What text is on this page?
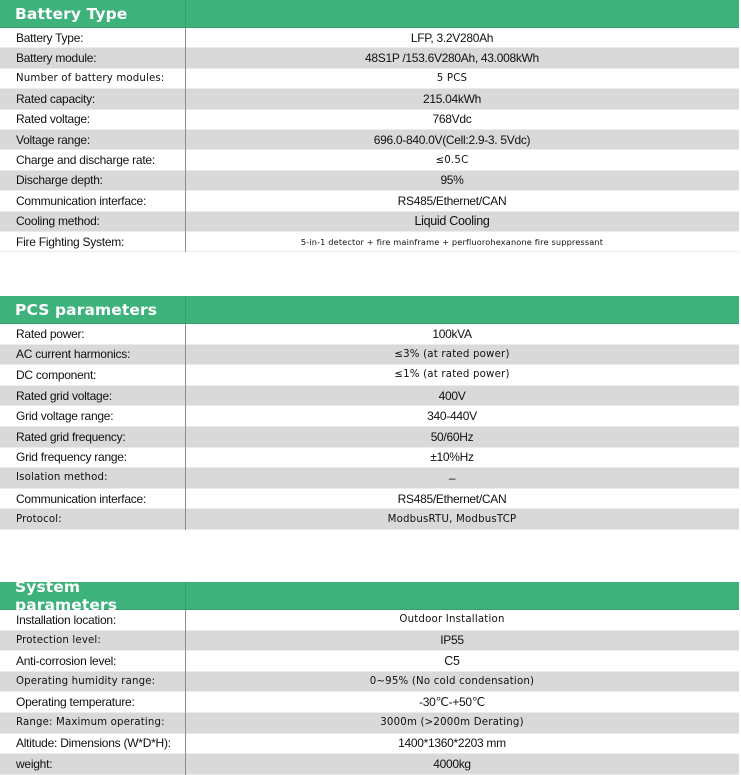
Battery Type
Battery Type:	LFP, 3.2V280Ah
Battery module:	48S1P /153.6V280Ah, 43.008kWh
Number of battery modules:	5 PCS
Rated capacity:	215.04kWh
Rated voltage:	768Vdc
Voltage range:	696.0-840.0V(Cell:2.9-3. 5Vdc)
Charge and discharge rate:	≤0.5C
Discharge depth:	95%
Communication interface:	RS485/Ethernet/CAN
Cooling method:	Liquid Cooling
Fire Fighting System:	5-in-1 detector + fire mainframe + perfluorohexanone fire suppressant
PCS parameters
Rated power:	100kVA
AC current harmonics:	≤3% (at rated power)
DC component:	≤1% (at rated power)
Rated grid voltage:	400V
Grid voltage range:	340-440V
Rated grid frequency:	50/60Hz
Grid frequency range:	±10%Hz
Isolation method:	–
Communication interface:	RS485/Ethernet/CAN
Protocol:	ModbusRTU, ModbusTCP
System parameters
Installation location:	Outdoor Installation
Protection level:	IP55
Anti-corrosion level:	C5
Operating humidity range:	0~95% (No cold condensation)
Operating temperature:	-30℃-+50℃
Range: Maximum operating:	3000m (>2000m Derating)
Altitude: Dimensions (W*D*H):	1400*1360*2203 mm
weight:	4000kg
